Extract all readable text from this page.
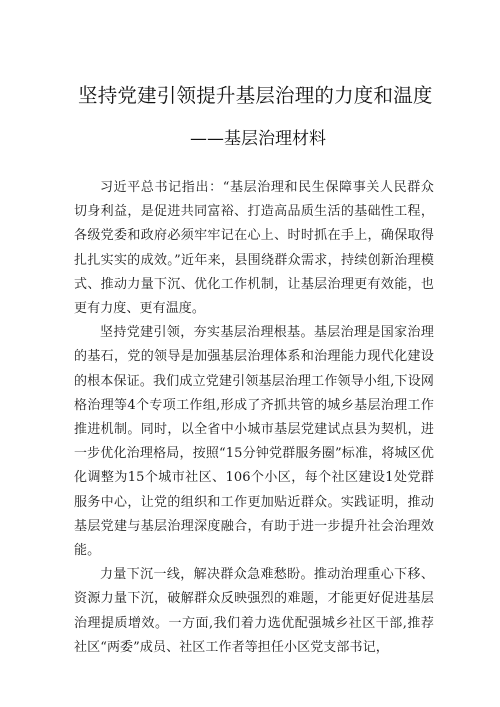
坚持党建引领提升基层治理的力度和温度
——基层治理材料

习近平总书记指出：“基层治理和民生保障事关人民群众切身利益，是促进共同富裕、打造高品质生活的基础性工程，各级党委和政府必须牢牢记在心上、时时抓在手上，确保取得扎扎实实的成效。”近年来，县围绕群众需求，持续创新治理模式、推动力量下沉、优化工作机制，让基层治理更有效能，也更有力度、更有温度。

坚持党建引领，夯实基层治理根基。基层治理是国家治理的基石，党的领导是加强基层治理体系和治理能力现代化建设的根本保证。我们成立党建引领基层治理工作领导小组,下设网格治理等4个专项工作组,形成了齐抓共管的城乡基层治理工作推进机制。同时，以全省中小城市基层党建试点县为契机，进一步优化治理格局，按照“15分钟党群服务圈”标准，将城区优化调整为15个城市社区、106个小区，每个社区建设1处党群服务中心，让党的组织和工作更加贴近群众。实践证明，推动基层党建与基层治理深度融合，有助于进一步提升社会治理效能。

力量下沉一线，解决群众急难愁盼。推动治理重心下移、资源力量下沉，破解群众反映强烈的难题，才能更好促进基层治理提质增效。一方面,我们着力选优配强城乡社区干部,推荐社区“两委”成员、社区工作者等担任小区党支部书记，
